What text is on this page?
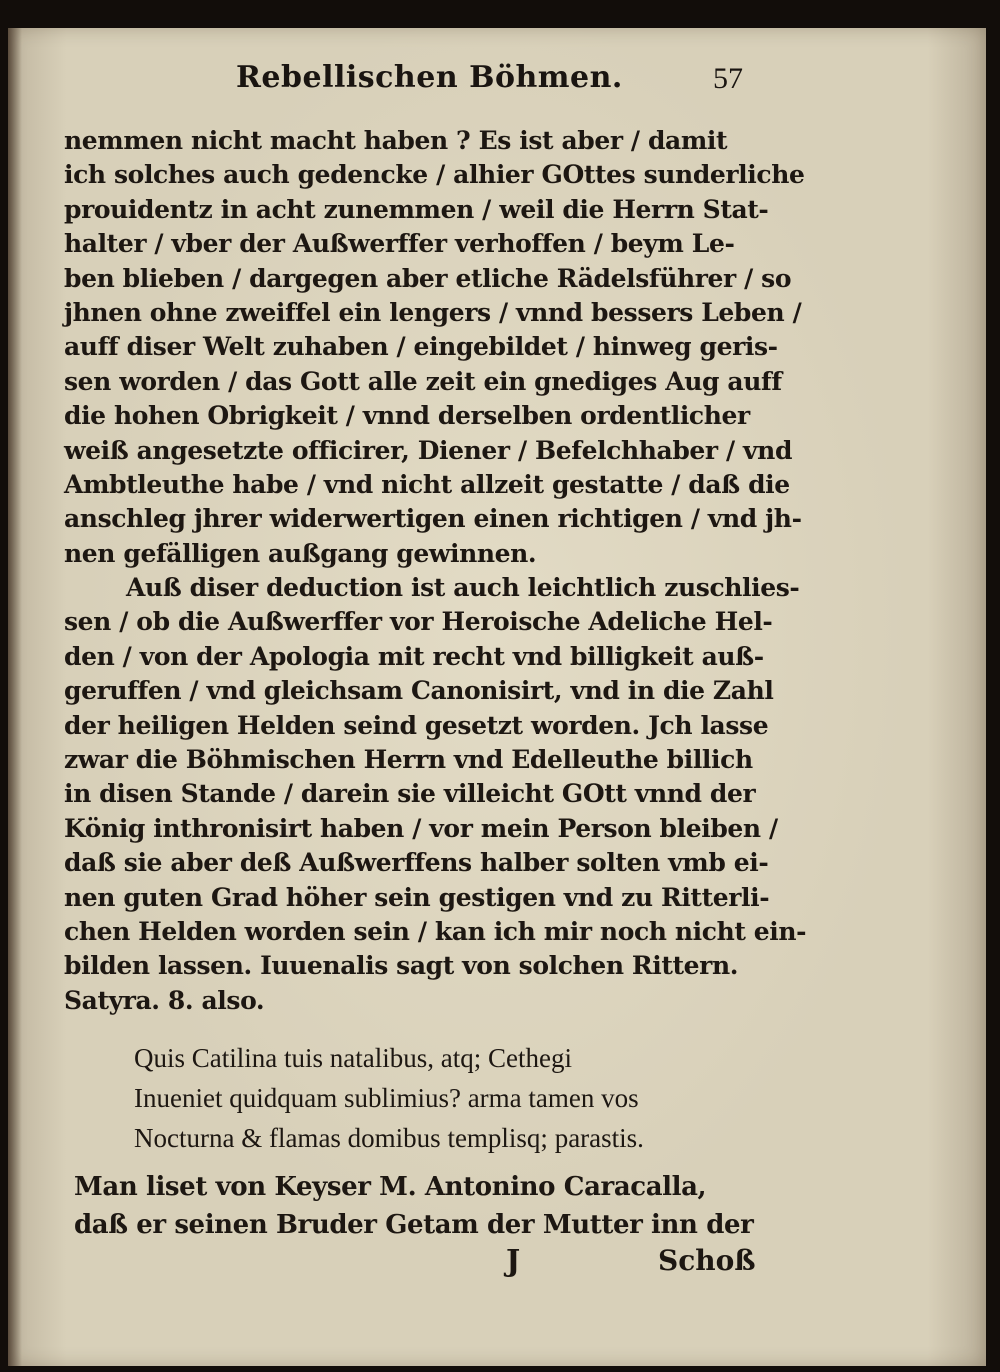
Rebellischen Böhmen.	57
nemmen nicht macht haben ? Es ist aber / damit
ich solches auch gedencke / alhier GOttes sunderliche
prouidentz in acht zunemmen / weil die Herrn Stat-
halter / vber der Außwerffer verhoffen / beym Le-
ben blieben / dargegen aber etliche Rädelsführer / so
jhnen ohne zweiffel ein lengers / vnnd bessers Leben /
auff diser Welt zuhaben / eingebildet / hinweg geris-
sen worden / das Gott alle zeit ein gnediges Aug auff
die hohen Obrigkeit / vnnd derselben ordentlicher
weiß angesetzte officirer, Diener / Befelchhaber / vnd
Ambtleuthe habe / vnd nicht allzeit gestatte / daß die
anschleg jhrer widerwertigen einen richtigen / vnd jh-
nen gefälligen außgang gewinnen.
Auß diser deduction ist auch leichtlich zuschlies-
sen / ob die Außwerffer vor Heroische Adeliche Hel-
den / von der Apologia mit recht vnd billigkeit auß-
geruffen / vnd gleichsam Canonisirt, vnd in die Zahl
der heiligen Helden seind gesetzt worden. Jch lasse
zwar die Böhmischen Herrn vnd Edelleuthe billich
in disen Stande / darein sie villeicht GOtt vnnd der
König inthronisirt haben / vor mein Person bleiben /
daß sie aber deß Außwerffens halber solten vmb ei-
nen guten Grad höher sein gestigen vnd zu Ritterli-
chen Helden worden sein / kan ich mir noch nicht ein-
bilden lassen. Iuuenalis sagt von solchen Rittern.
Satyra. 8. also.
Quis Catilina tuis natalibus, atq; Cethegi
Inueniet quidquam sublimius? arma tamen vos
Nocturna & flamas domibus templisq; parastis.
Man liset von Keyser M. Antonino Caracalla,
daß er seinen Bruder Getam der Mutter inn der
J	Schoß
